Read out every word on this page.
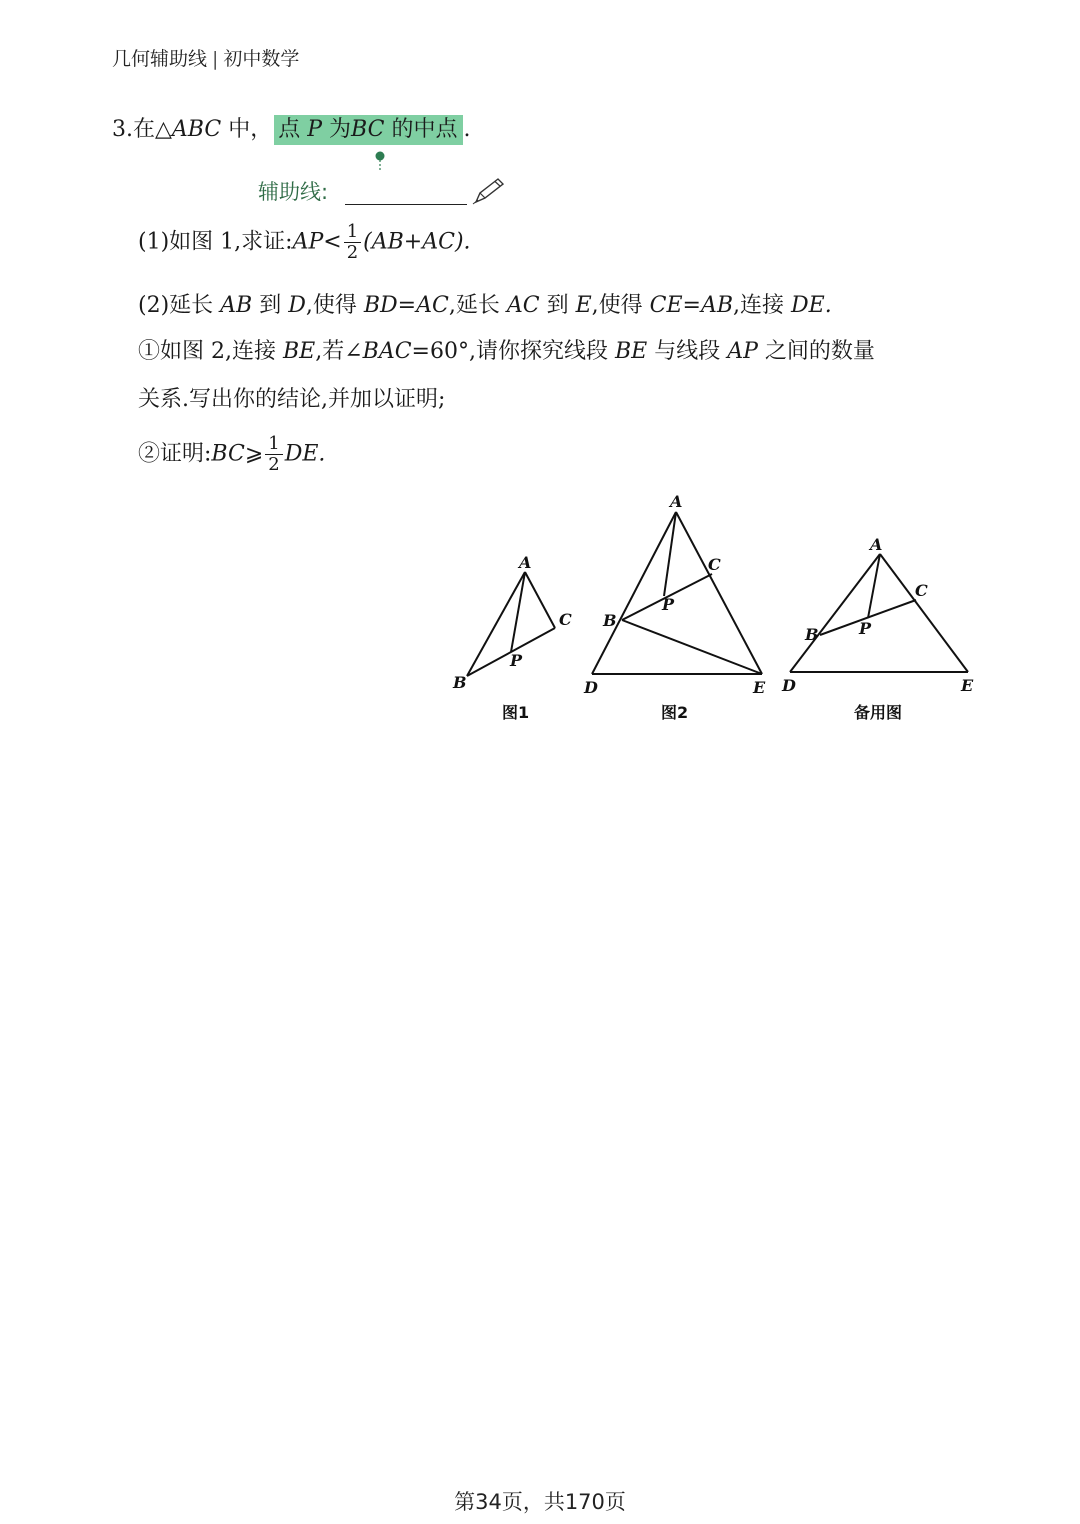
几何辅助线 | 初中数学
3.在△ABC 中， 点 P 为BC 的中点 .
辅助线:
(1)如图 1,求证:AP< $\frac{1}{2} (AB+AC)$.
(2)延长 AB 到 D,使得 BD=AC,延长 AC 到 E,使得 CE=AB,连接 DE.
①如图 2,连接 BE,若∠BAC=60°,请你探究线段 BE 与线段 AP 之间的数量
关系.写出你的结论,并加以证明;
②证明:BC⩾ $\frac{1}{2}$ DE.
A
B
C
P
图1
A
B
C
P
D	E
图2
A
B
C
P
D	E
备用图
第34页，共170页
